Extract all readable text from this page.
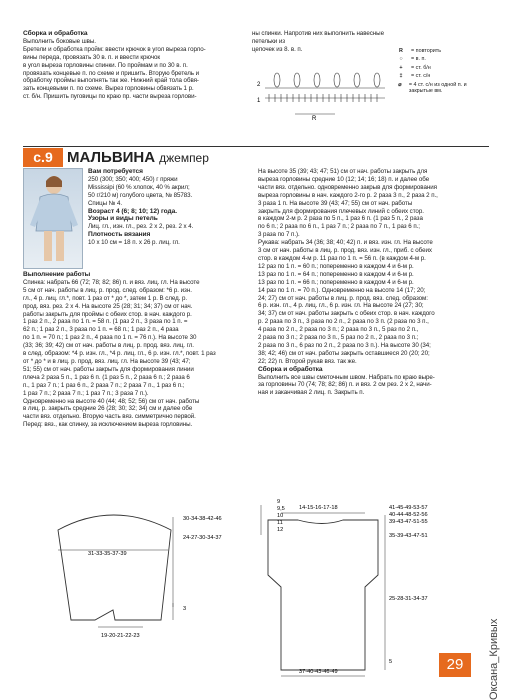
Сборка и обработка

Выполнить боковые швы.

Бретели и обработка пройм: ввести крючок в угол выреза горло-

вины переда, провязать 30 в. п. и ввести крючок

в угол выреза горловины спинки. По проймам и по 30 в. п.

провязать концевые п. по схеме и пришить. Вторую бретель и

обработку проймы выполнять так же. Нижний край тола обвя-

зать концевыми п. по схеме. Вырез горловины обвязать 1 р.

ст. б/н. Пришить пуговицы по краю пр. части выреза горлови-

ны спинки. Напротив них выполнить навесные петельки из

цепочек из 8. в. п.

2
1
R
R	= повторить
○	= в. п.
+	= ст. б/н
‡	= ст. с/н
⌀	= 4 ст. с/н из одной п. и закрытые вм.
с.9 МАЛЬВИНА джемпер

Вам потребуется

250 (300; 350; 400; 450) г пряжи

Mississipi (60 % хлопок, 40 % акрил;

50 г/210 м) голубого цвета, № 85783.

Спицы № 4.

Возраст 4 (6; 8; 10; 12) года.

Узоры и виды петель

Лиц. гл., изн. гл., рез. 2 х 2, рез. 2 х 4.

Плотность вязания

10 х 10 см = 18 п. х 26 р. лиц. гл.

Выполнение работы

Спинка: набрать 66 (72; 78; 82; 86) п. и вяз. лиц. гл. На высоте

5 см от нач. работы в лиц. р. прод. след. образом: *6 р. изн.

гл., 4 р. лиц. гл.*, повт. 1 раз от * до *, затем 1 р. В след. р.

прод. вяз. рез. 2 х 4. На высоте 25 (28; 31; 34; 37) см от нач.

работы закрыть для проймы с обеих стор. в нач. каждого р.

1 раз 2 п., 2 раза по 1 п. = 58 п. (1 раз 2 п., 3 раза по 1 п. =

62 п.; 1 раз 2 п., 3 раза по 1 п. = 68 п.; 1 раз 2 п., 4 раза

по 1 п. = 70 п.; 1 раз 2 п., 4 раза по 1 п. = 76 п.). На высоте 30

(33; 36; 39; 42) см от нач. работы в лиц. р. прод. вяз. лиц. гл.

в след. образом: *4 р. изн. гл., *4 р. лиц. гл., 6 р. изн. гл.*, повт. 1 раз

от * до * и в лиц. р. прод. вяз. лиц. гл. На высоте 39 (43; 47;

51; 55) см от нач. работы закрыть для формирования линии

плеча 2 раза 5 п., 1 раз 6 п. (1 раз 5 п., 2 раза 6 п.; 2 раза 6

п., 1 раз 7 п.; 1 раз 6 п., 2 раза 7 п.; 2 раза 7 п., 1 раз 6 п.;

1 раз 7 п.; 2 раза 7 п.; 1 раз 7 п.; 3 раза 7 п.).

Одновременно на высоте 40 (44; 48; 52; 56) см от нач. работы

в лиц. р. закрыть средние 26 (28; 30; 32; 34) см и далее обе

части вяз. отдельно. Вторую часть вяз. симметрично первой.

Перед: вяз., как спинку, за исключением выреза горловины.

На высоте 35 (39; 43; 47; 51) см от нач. работы закрыть для

выреза горловины средние 10 (12; 14; 16; 18) п. и далее обе

части вяз. отдельно. одновременно закрыв для формирования

выреза горловины в нач. каждого 2-го р. 2 раза 3 п., 2 раза 2 п.,

3 раза 1 п. На высоте 39 (43; 47; 55) см от нач. работы

закрыть для формирования плечевых линий с обеих стор.

в каждом 2-м р. 2 раза по 5 п., 1 раз 6 п. (1 раз 5 п., 2 раза

по 6 п.; 2 раза по 6 п., 1 раз 7 п.; 2 раза по 7 п., 1 раз 6 п.;

3 раза по 7 п.).

Рукава: набрать 34 (36; 38; 40; 42) п. и вяз. изн. гл. На высоте

3 см от нач. работы в лиц. р. прод. вяз. изн. гл., приб. с обеих

стор. в каждом 4-м р. 11 раз по 1 п. = 56 п. (в каждом 4-м р.

12 раз по 1 п. = 60 п.; попеременно в каждом 4 и 6-м р.

13 раз по 1 п. = 64 п.; попеременно в каждом 4 и 6-м р.

13 раз по 1 п. = 66 п.; попеременно в каждом 4 и 6-м р.

14 раз по 1 п. = 70 п.). Одновременно на высоте 14 (17; 20;

24; 27) см от нач. работы в лиц. р. прод. вяз. след. образом:

6 р. изн. гл., 4 р. лиц. гл., 6 р. изн. гл. На высоте 24 (27; 30;

34; 37) см от нач. работы закрыть с обеих стор. в нач. каждого

р. 2 раза по 3 п., 3 раза по 2 п., 2 раза по 3 п. (2 раза по 3 п.,

4 раза по 2 п., 2 раза по 3 п.; 2 раза по 3 п., 5 раз по 2 п.,

2 раза по 3 п.; 2 раза по 3 п., 5 раз по 2 п., 2 раза по 3 п.;

2 раза по 3 п., 6 раз по 2 п., 2 раза по 3 п.). На высоте 30 (34;

38; 42; 46) см от нач. работы закрыть оставшиеся 20 (20; 20;

22; 22) п. Второй рукав вяз. так же.

Сборка и обработка

Выполнить все швы сметочным швом. Набрать по краю выре-

за горловины 70 (74; 78; 82; 86) п. и вяз. 2 см рез. 2 х 2, начи-

ная и заканчивая 2 лиц. п. Закрыть п.

30-34-38-42-46
24-27-30-34-37
31-33-35-37-39
3
19-20-21-22-23
9
9,5
10
11
12
14-15-16-17-18	41-45-49-53-57
40-44-48-52-56
39-43-47-51-55
35-39-43-47-51
25-28-31-34-37
5
37-40-43-46-49	29	Оксана_Кривых
